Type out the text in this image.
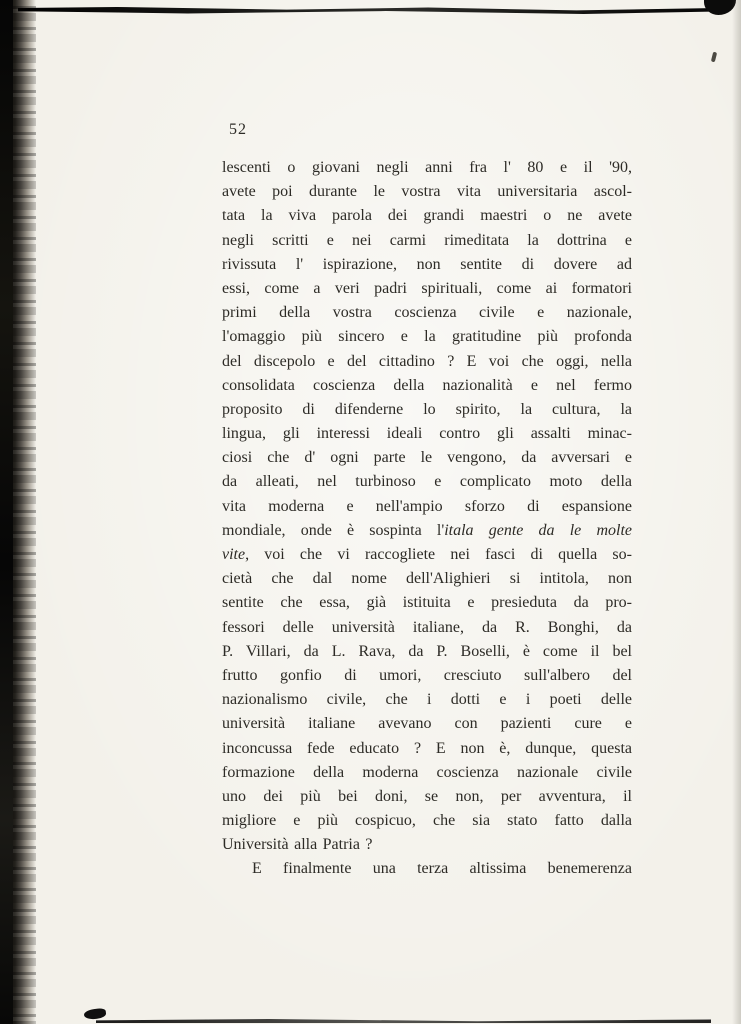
52
lescenti o giovani negli anni fra l' 80 e il '90,
avete poi durante le vostra vita universitaria ascol-
tata la viva parola dei grandi maestri o ne avete
negli scritti e nei carmi rimeditata la dottrina e
rivissuta l' ispirazione, non sentite di dovere ad
essi, come a veri padri spirituali, come ai formatori
primi della vostra coscienza civile e nazionale,
l'omaggio più sincero e la gratitudine più profonda
del discepolo e del cittadino ? E voi che oggi, nella
consolidata coscienza della nazionalità e nel fermo
proposito di difenderne lo spirito, la cultura, la
lingua, gli interessi ideali contro gli assalti minac-
ciosi che d' ogni parte le vengono, da avversari e
da alleati, nel turbinoso e complicato moto della
vita moderna e nell'ampio sforzo di espansione
mondiale, onde è sospinta l'itala gente da le molte
vite, voi che vi raccogliete nei fasci di quella so-
cietà che dal nome dell'Alighieri si intitola, non
sentite che essa, già istituita e presieduta da pro-
fessori delle università italiane, da R. Bonghi, da
P. Villari, da L. Rava, da P. Boselli, è come il bel
frutto gonfio di umori, cresciuto sull'albero del
nazionalismo civile, che i dotti e i poeti delle
università italiane avevano con pazienti cure e
inconcussa fede educato ? E non è, dunque, questa
formazione della moderna coscienza nazionale civile
uno dei più bei doni, se non, per avventura, il
migliore e più cospicuo, che sia stato fatto dalla
Università alla Patria ?
E finalmente una terza altissima benemerenza
